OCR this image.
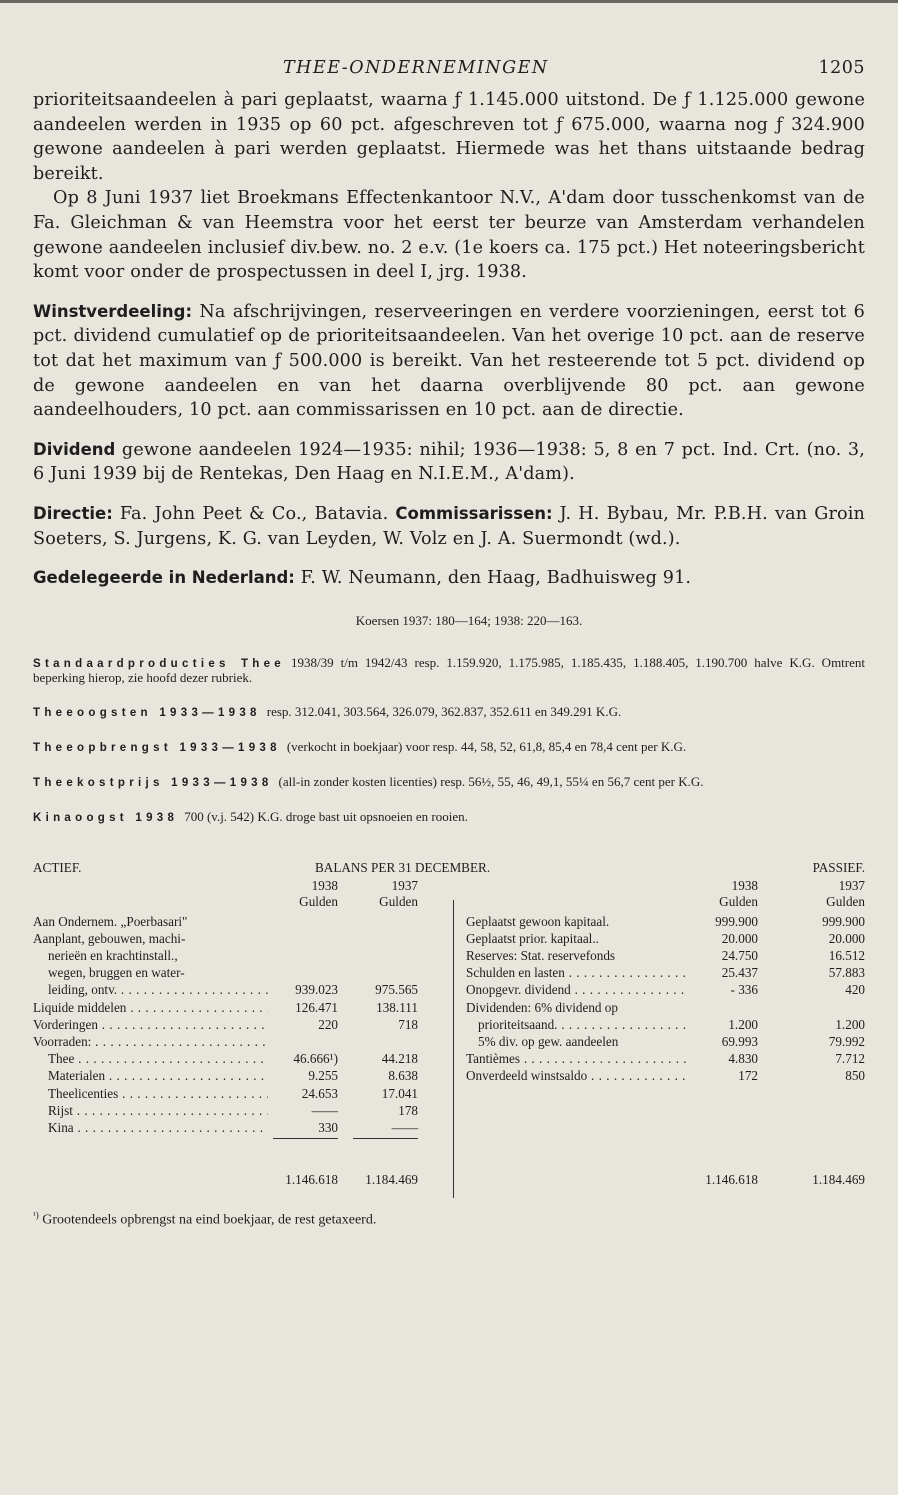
THEE-ONDERNEMINGEN	1205

prioriteitsaandeelen à pari geplaatst, waarna ƒ 1.145.000 uitstond. De ƒ 1.125.000 gewone aandeelen werden in 1935 op 60 pct. afgeschreven tot ƒ 675.000, waarna nog ƒ 324.900 gewone aandeelen à pari werden geplaatst. Hiermede was het thans uitstaande bedrag bereikt.

Op 8 Juni 1937 liet Broekmans Effectenkantoor N.V., A'dam door tusschenkomst van de Fa. Gleichman & van Heemstra voor het eerst ter beurze van Amsterdam verhandelen gewone aandeelen inclusief div.bew. no. 2 e.v. (1e koers ca. 175 pct.) Het noteeringsbericht komt voor onder de prospectussen in deel I, jrg. 1938.

Winstverdeeling: Na afschrijvingen, reserveeringen en verdere voorzieningen, eerst tot 6 pct. dividend cumulatief op de prioriteitsaandeelen. Van het overige 10 pct. aan de reserve tot dat het maximum van ƒ 500.000 is bereikt. Van het resteerende tot 5 pct. dividend op de gewone aandeelen en van het daarna overblijvende 80 pct. aan gewone aandeelhouders, 10 pct. aan commissarissen en 10 pct. aan de directie.

Dividend gewone aandeelen 1924—1935: nihil; 1936—1938: 5, 8 en 7 pct. Ind. Crt. (no. 3, 6 Juni 1939 bij de Rentekas, Den Haag en N.I.E.M., A'dam).

Directie: Fa. John Peet & Co., Batavia. Commissarissen: J. H. Bybau, Mr. P.B.H. van Groin Soeters, S. Jurgens, K. G. van Leyden, W. Volz en J. A. Suermondt (wd.).

Gedelegeerde in Nederland: F. W. Neumann, den Haag, Badhuisweg 91.

Koersen 1937: 180—164; 1938: 220—163.
Standaardproducties Thee 1938/39 t/m 1942/43 resp. 1.159.920, 1.175.985, 1.185.435, 1.188.405, 1.190.700 halve K.G. Omtrent beperking hierop, zie hoofd dezer rubriek.
Theeoogsten 1933—1938 resp. 312.041, 303.564, 326.079, 362.837, 352.611 en 349.291 K.G.
Theeopbrengst 1933—1938 (verkocht in boekjaar) voor resp. 44, 58, 52, 61,8, 85,4 en 78,4 cent per K.G.
Theekostprijs 1933—1938 (all-in zonder kosten licenties) resp. 56½, 55, 46, 49,1, 55¼ en 56,7 cent per K.G.
Kinaoogst 1938 700 (v.j. 542) K.G. droge bast uit opsnoeien en rooien.
ACTIEF.	BALANS PER 31 DECEMBER.	PASSIEF.
1938	1937
Gulden	Gulden
1938	1937
Gulden	Gulden
1.146.618	1.184.469	1.146.618	1.184.469
Aan Ondernem. „Poerbasari"
Aanplant, gebouwen, machi-
nerieën en krachtinstall.,
wegen, bruggen en water-
leiding, ontv. . . .	939.023	975.565
Liquide middelen . . .	126.471	138.111
Vorderingen . . .	220	718
Voorraden: . . .
Thee . . .	46.666¹)	44.218
Materialen . . .	9.255	8.638
Theelicenties . . .	24.653	17.041
Rijst . . .	——	178
Kina . . .	330	——
Geplaatst gewoon kapitaal.	999.900	999.900
Geplaatst prior. kapitaal..	20.000	20.000
Reserves: Stat. reservefonds	24.750	16.512
Schulden en lasten . . .	25.437	57.883
Onopgevr. dividend . . .	- 336	420
Dividenden: 6% dividend op
prioriteitsaand. . . .	1.200	1.200
5% div. op gew. aandeelen	69.993	79.992
Tantièmes . . .	4.830	7.712
Onverdeeld winstsaldo . . .	172	850
$^{^1)}$ Grootendeels opbrengst na eind boekjaar, de rest getaxeerd.
